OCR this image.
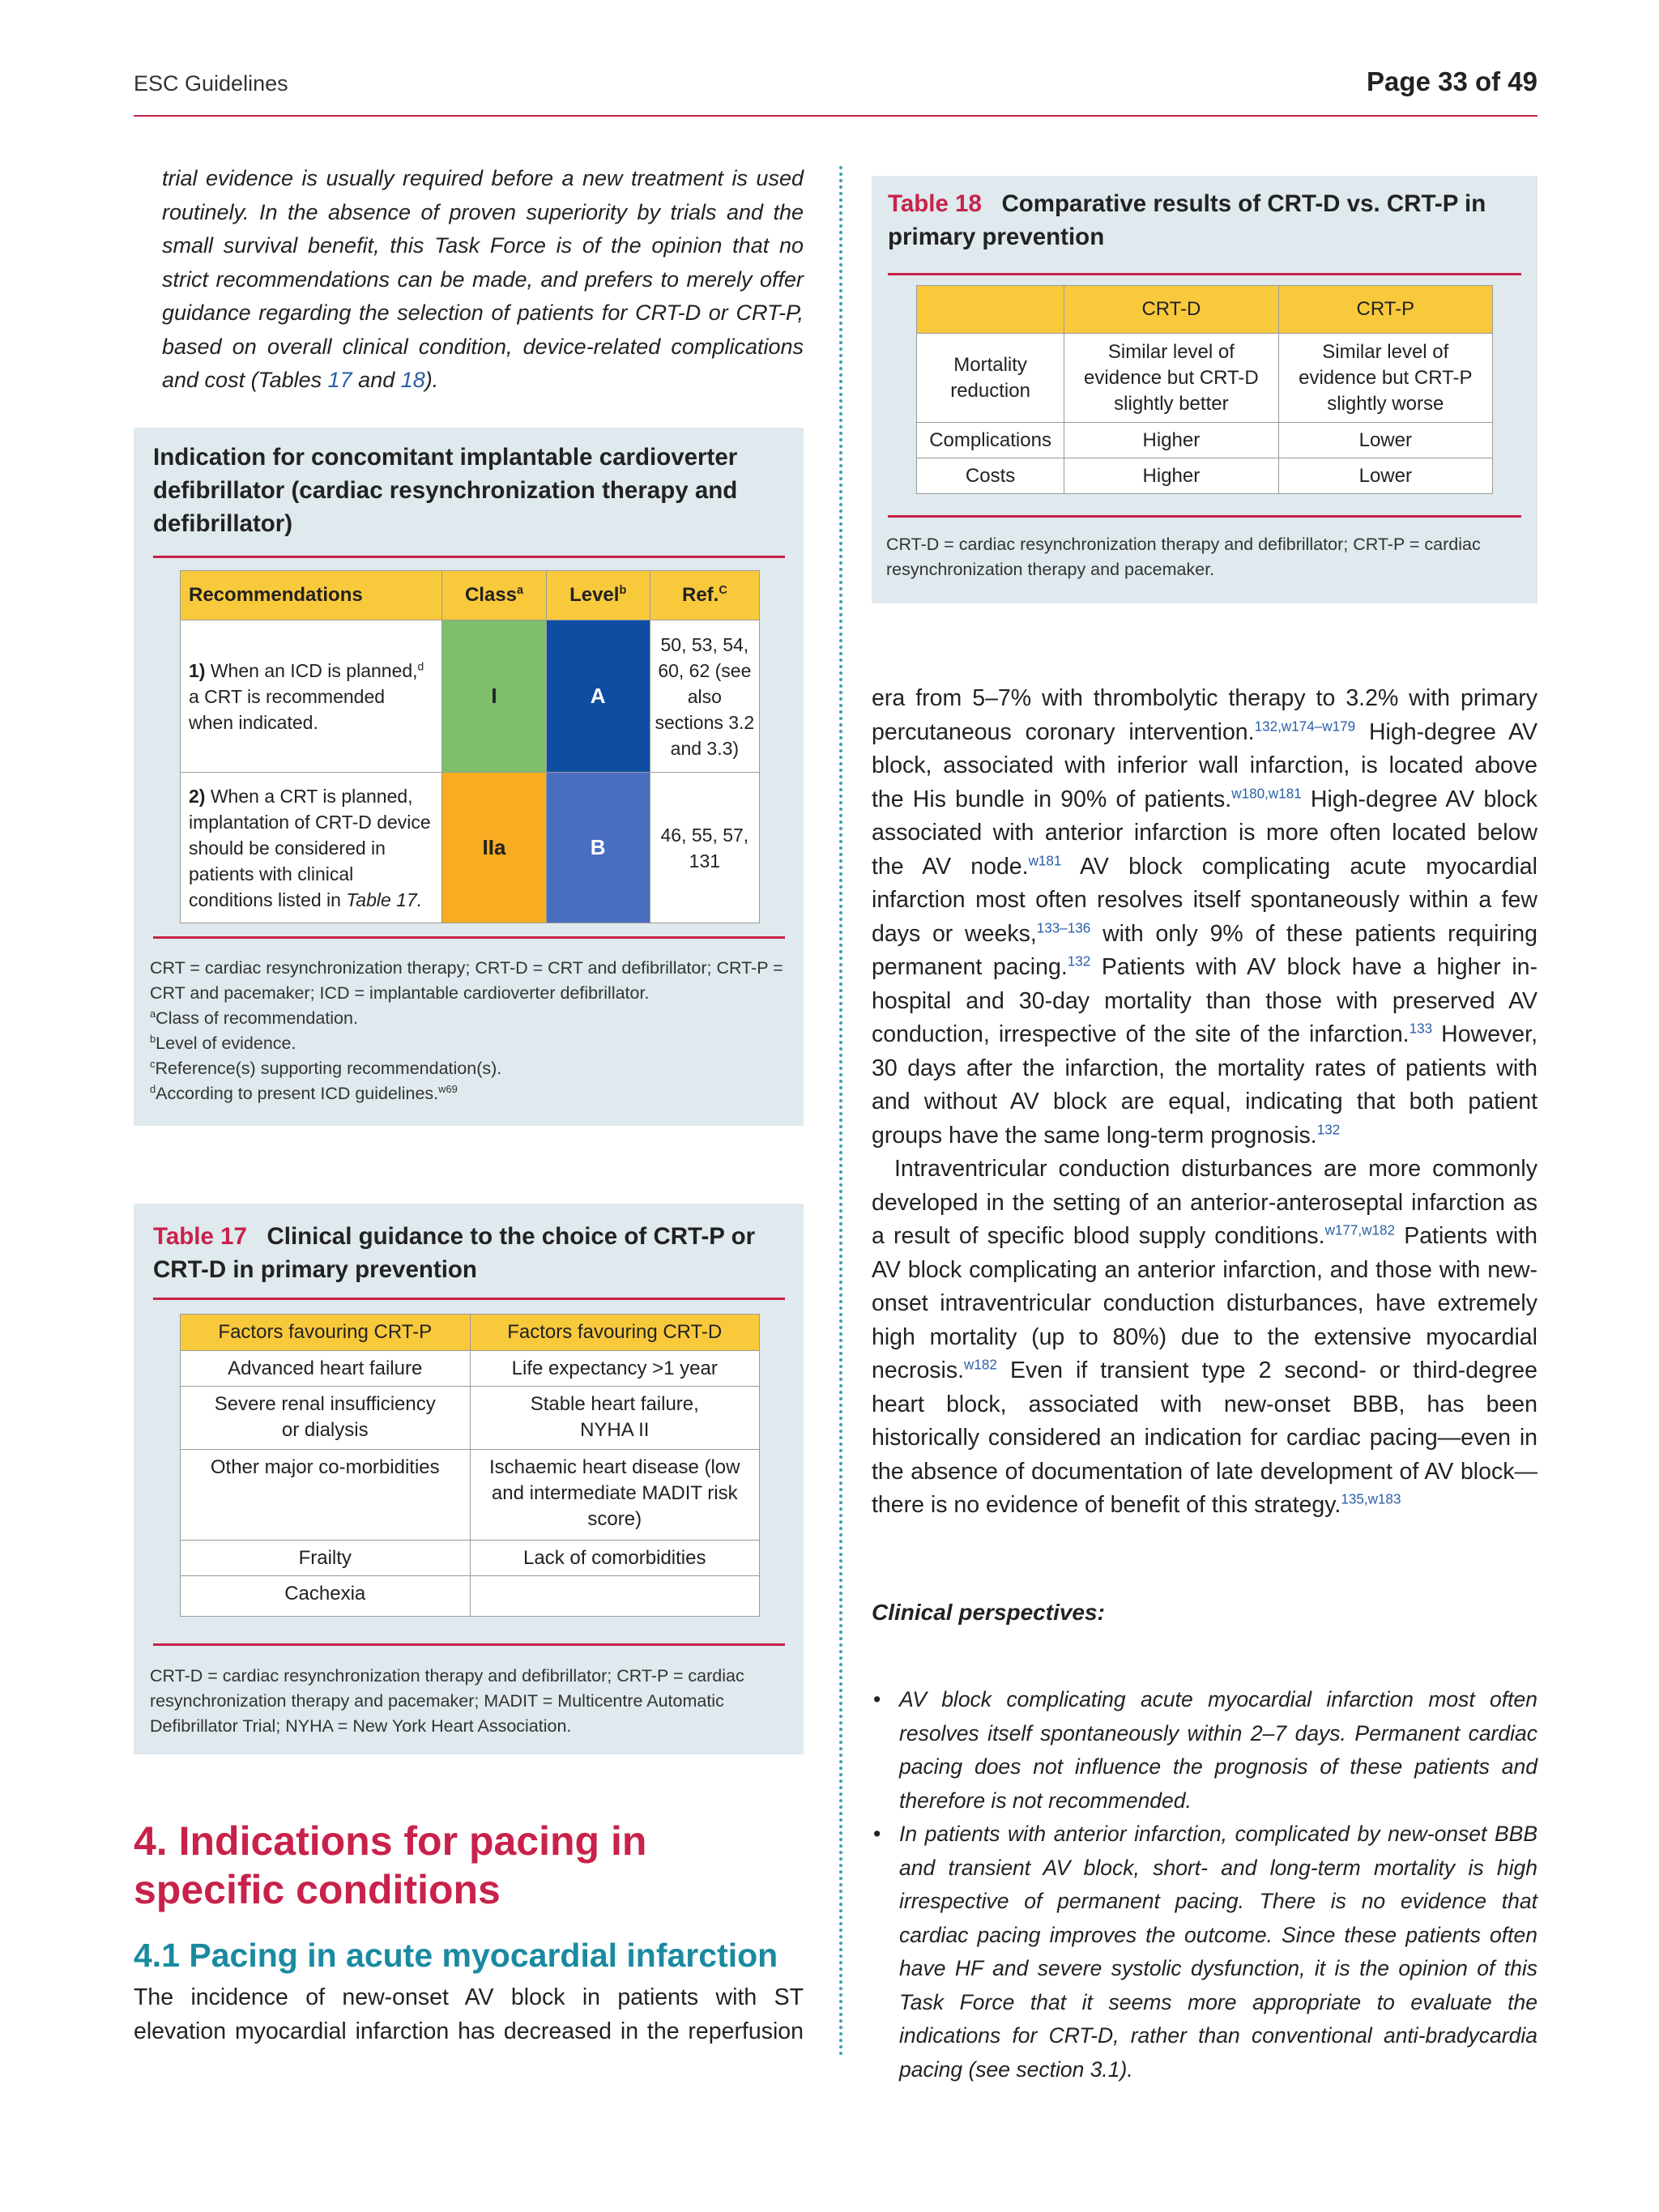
ESC Guidelines	Page 33 of 49
trial evidence is usually required before a new treatment is used routinely. In the absence of proven superiority by trials and the small survival benefit, this Task Force is of the opinion that no strict recommendations can be made, and prefers to merely offer guidance regarding the selection of patients for CRT-D or CRT-P, based on overall clinical condition, device-related complications and cost (Tables 17 and 18).
Indication for concomitant implantable cardioverter defibrillator (cardiac resynchronization therapy and defibrillator)
Recommendations	Class$^a$	Level$^b$	Ref.$^C$
1) When an ICD is planned,$^d$ a CRT is recommended when indicated.	I	A	50, 53, 54, 60, 62 (see also sections 3.2 and 3.3)
2) When a CRT is planned, implantation of CRT-D device should be considered in patients with clinical conditions listed in Table 17.	IIa	B	46, 55, 57, 131
CRT = cardiac resynchronization therapy; CRT-D = CRT and defibrillator; CRT-P = CRT and pacemaker; ICD = implantable cardioverter defibrillator.
$^a$Class of recommendation.
$^b$Level of evidence.
$^c$Reference(s) supporting recommendation(s).
$^d$According to present ICD guidelines.$^{w69}$
Table 17 Clinical guidance to the choice of CRT-P or CRT-D in primary prevention
Factors favouring CRT-P	Factors favouring CRT-D
Advanced heart failure	Life expectancy >1 year
Severe renal insufficiency or dialysis	Stable heart failure, NYHA II
Other major co-morbidities	Ischaemic heart disease (low and intermediate MADIT risk score)
Frailty	Lack of comorbidities
Cachexia	
CRT-D = cardiac resynchronization therapy and defibrillator; CRT-P = cardiac resynchronization therapy and pacemaker; MADIT = Multicentre Automatic Defibrillator Trial; NYHA = New York Heart Association.
Table 18 Comparative results of CRT-D vs. CRT-P in primary prevention
	CRT-D	CRT-P
Mortality reduction	Similar level of evidence but CRT-D slightly better	Similar level of evidence but CRT-P slightly worse
Complications	Higher	Lower
Costs	Higher	Lower
CRT-D = cardiac resynchronization therapy and defibrillator; CRT-P = cardiac resynchronization therapy and pacemaker.
4. Indications for pacing in specific conditions
4.1 Pacing in acute myocardial infarction
The incidence of new-onset AV block in patients with ST elevation myocardial infarction has decreased in the reperfusion

era from 5–7% with thrombolytic therapy to 3.2% with primary percutaneous coronary intervention.$^{132,w174-w179}$ High-degree AV block, associated with inferior wall infarction, is located above the His bundle in 90% of patients.$^{w180,w181}$ High-degree AV block associated with anterior infarction is more often located below the AV node.$^{w181}$ AV block complicating acute myocardial infarction most often resolves itself spontaneously within a few days or weeks,$^{133-136}$ with only 9% of these patients requiring permanent pacing.$^{132}$ Patients with AV block have a higher in-hospital and 30-day mortality than those with preserved AV conduction, irrespective of the site of the infarction.$^{133}$ However, 30 days after the infarction, the mortality rates of patients with and without AV block are equal, indicating that both patient groups have the same long-term prognosis.$^{132}$

Intraventricular conduction disturbances are more commonly developed in the setting of an anterior-anteroseptal infarction as a result of specific blood supply conditions.$^{w177,w182}$ Patients with AV block complicating an anterior infarction, and those with new-onset intraventricular conduction disturbances, have extremely high mortality (up to 80%) due to the extensive myocardial necrosis.$^{w182}$ Even if transient type 2 second- or third-degree heart block, associated with new-onset BBB, has been historically considered an indication for cardiac pacing—even in the absence of documentation of late development of AV block—there is no evidence of benefit of this strategy.$^{135,w183}$

Clinical perspectives:
• AV block complicating acute myocardial infarction most often resolves itself spontaneously within 2–7 days. Permanent cardiac pacing does not influence the prognosis of these patients and therefore is not recommended.
• In patients with anterior infarction, complicated by new-onset BBB and transient AV block, short- and long-term mortality is high irrespective of permanent pacing. There is no evidence that cardiac pacing improves the outcome. Since these patients often have HF and severe systolic dysfunction, it is the opinion of this Task Force that it seems more appropriate to evaluate the indications for CRT-D, rather than conventional anti-bradycardia pacing (see section 3.1).
